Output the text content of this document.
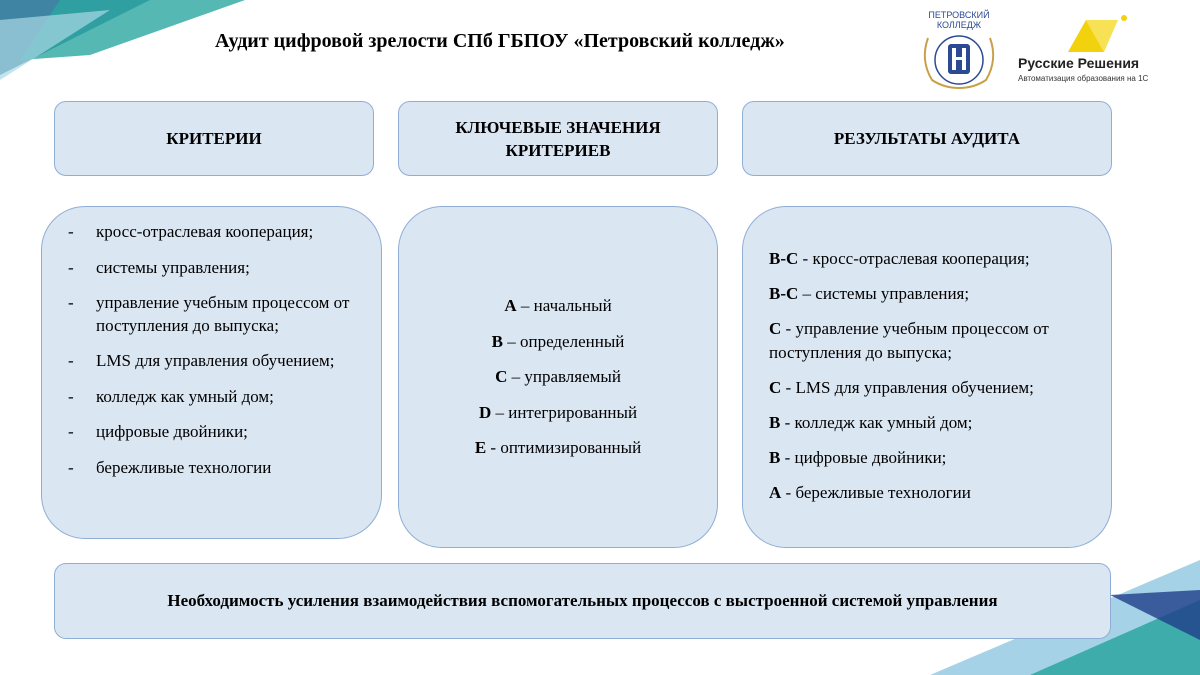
Аудит цифровой зрелости СПб ГБПОУ «Петровский колледж»
ПЕТРОВСКИЙ
КОЛЛЕДЖ
Русские Решения
Автоматизация образования на 1С
КРИТЕРИИ
КЛЮЧЕВЫЕ ЗНАЧЕНИЯ
КРИТЕРИЕВ
РЕЗУЛЬТАТЫ АУДИТА
- кросс-отраслевая кооперация;
- системы управления;
- управление учебным процессом от поступления до выпуска;
- LMS для управления обучением;
- колледж как умный дом;
- цифровые двойники;
- бережливые технологии
A – начальный
B – определенный
C – управляемый
D – интегрированный
E - оптимизированный
В-С - кросс-отраслевая кооперация;
В-С – системы управления;
С - управление учебным процессом от поступления до выпуска;
С - LMS для управления обучением;
В - колледж как умный дом;
В - цифровые двойники;
А - бережливые технологии
Необходимость усиления взаимодействия вспомогательных процессов с выстроенной системой управления
